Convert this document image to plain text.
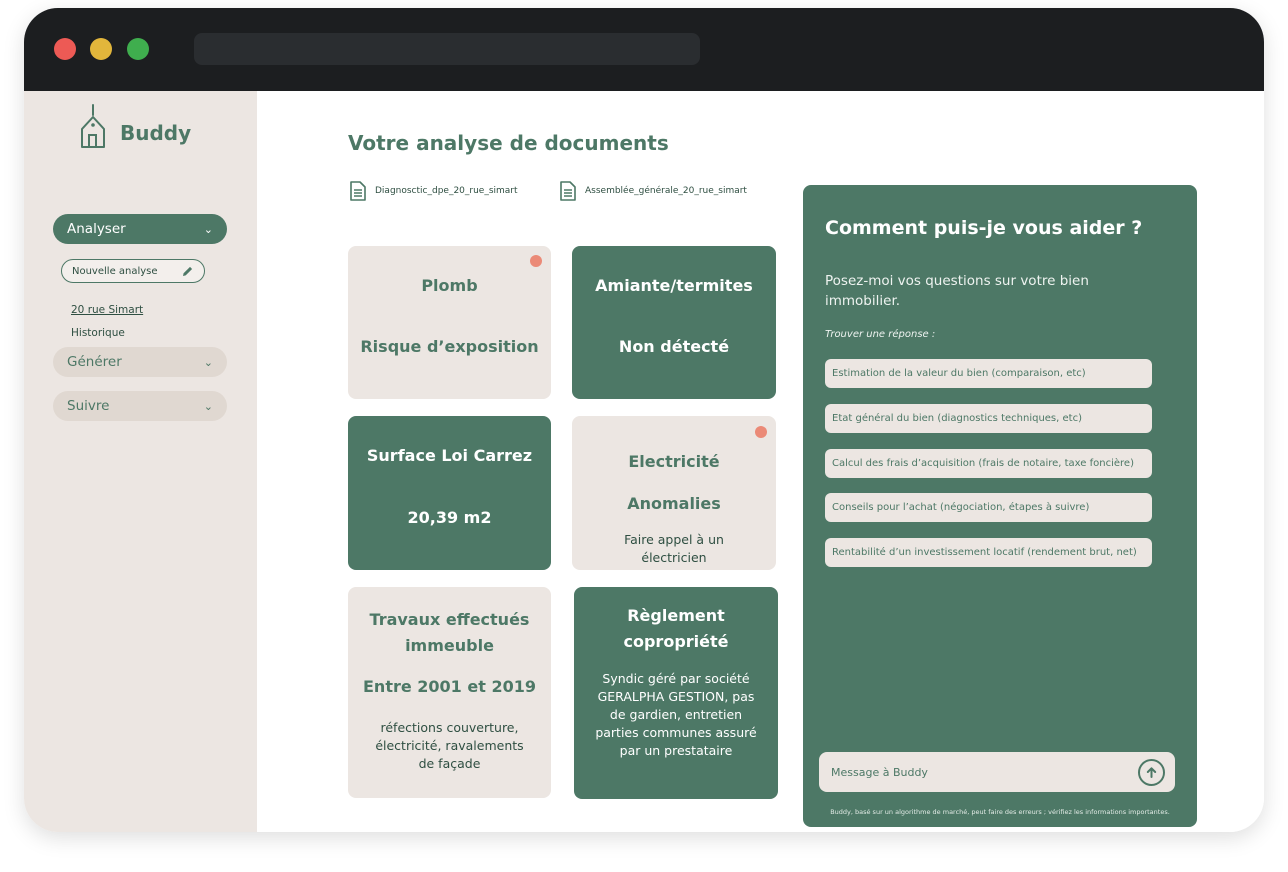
Buddy
Analyser	⌄
Nouvelle analyse
20 rue Simart
Historique
Générer	⌄
Suivre	⌄
Votre analyse de documents
Diagnosctic_dpe_20_rue_simart	Assemblée_générale_20_rue_simart
Plomb
Risque d’exposition
Amiante/termites
Non détecté
Surface Loi Carrez
20,39 m2
Electricité
Anomalies
Faire appel à un électricien
Travaux effectués immeuble
Entre 2001 et 2019
réfections couverture, électricité, ravalements de façade
Règlement copropriété
Syndic géré par société GERALPHA GESTION, pas de gardien, entretien parties communes assuré par un prestataire
Comment puis-je vous aider ?
Posez-moi vos questions sur votre bien immobilier.
Trouver une réponse :
Estimation de la valeur du bien (comparaison, etc)
Etat général du bien (diagnostics techniques, etc)
Calcul des frais d’acquisition (frais de notaire, taxe foncière)
Conseils pour l’achat (négociation, étapes à suivre)
Rentabilité d’un investissement locatif (rendement brut, net)
Message à Buddy
Buddy, basé sur un algorithme de marché, peut faire des erreurs ; vérifiez les informations importantes.
